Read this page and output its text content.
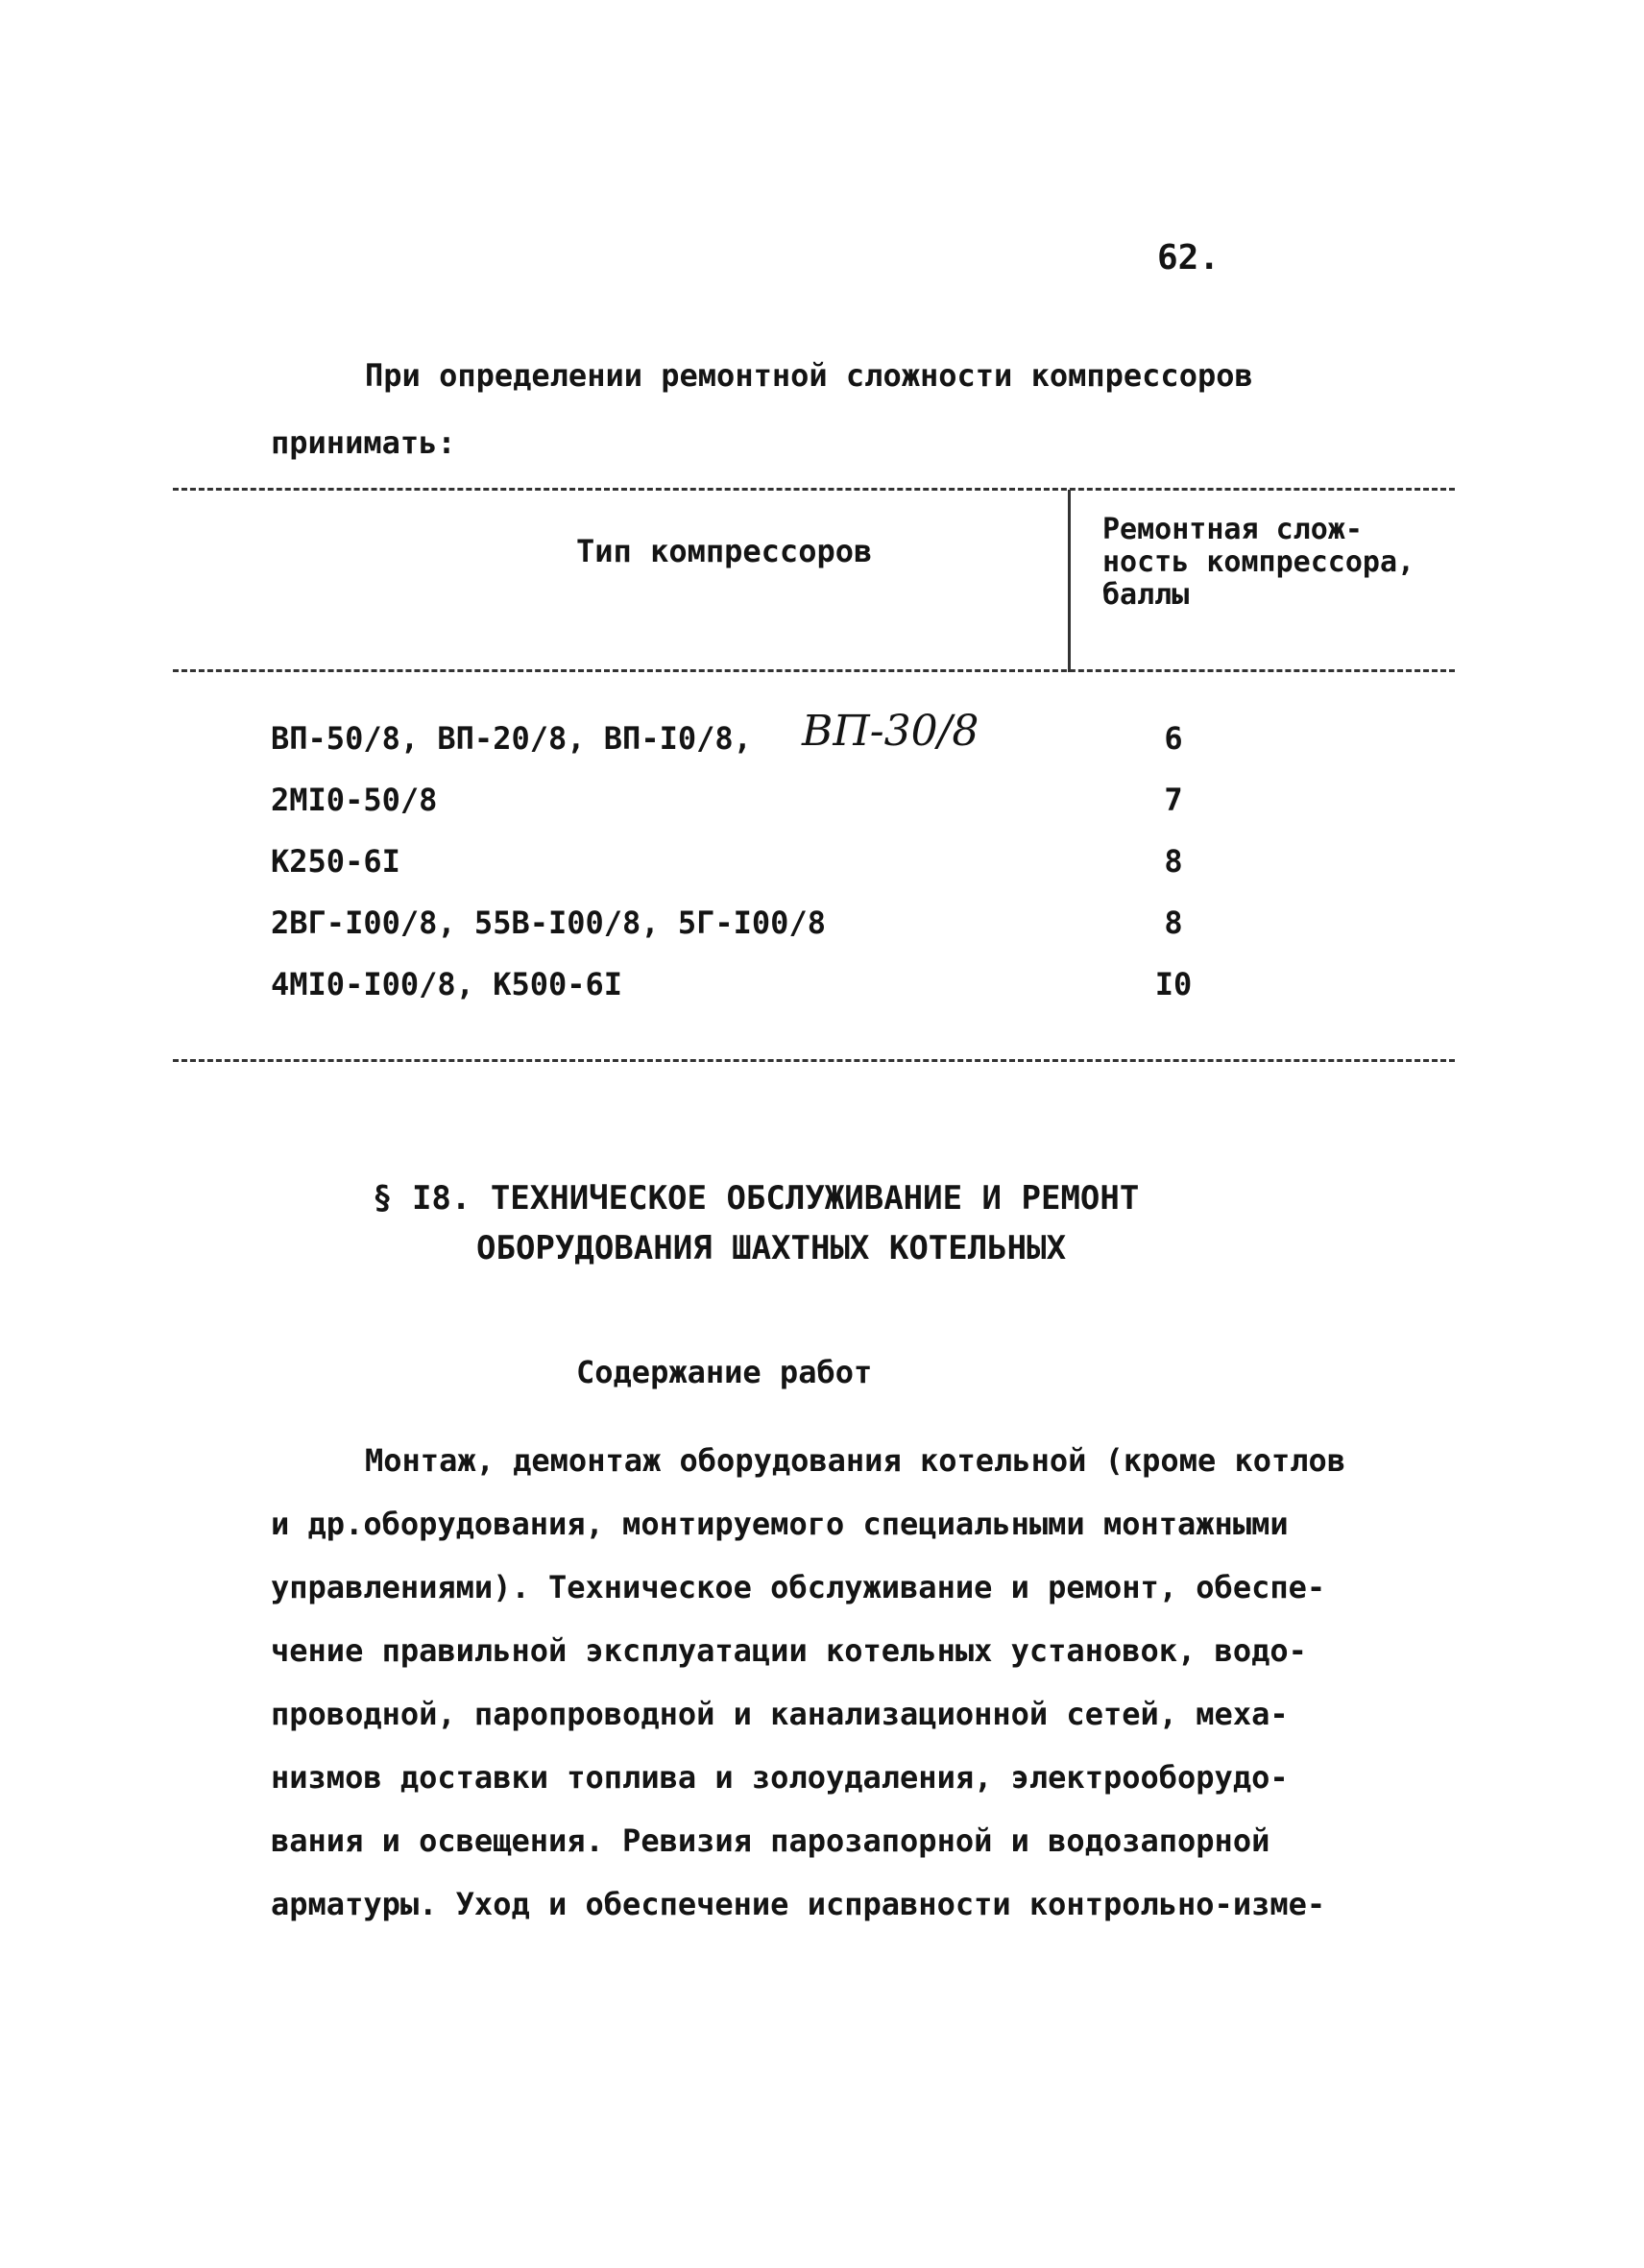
62.
При определении ремонтной сложности компрессоров
принимать:
Тип компрессоров
Ремонтная слож-
ность компрессора,
баллы
ВП-50/8, ВП-20/8, ВП-I0/8, ВП-30/8	6
2МI0-50/8	7
К250-6I	8
2ВГ-I00/8, 55В-I00/8, 5Г-I00/8	8
4МI0-I00/8, К500-6I	I0
§ I8. ТЕХНИЧЕСКОЕ ОБСЛУЖИВАНИЕ И РЕМОНТ
ОБОРУДОВАНИЯ ШАХТНЫХ КОТЕЛЬНЫХ
Содержание работ
Монтаж, демонтаж оборудования котельной (кроме котлов
и др.оборудования, монтируемого специальными монтажными
управлениями). Техническое обслуживание и ремонт, обеспе-
чение правильной эксплуатации котельных установок, водо-
проводной, паропроводной и канализационной сетей, меха-
низмов доставки топлива и золоудаления, электрооборудо-
вания и освещения. Ревизия парозапорной и водозапорной
арматуры. Уход и обеспечение исправности контрольно-изме-
